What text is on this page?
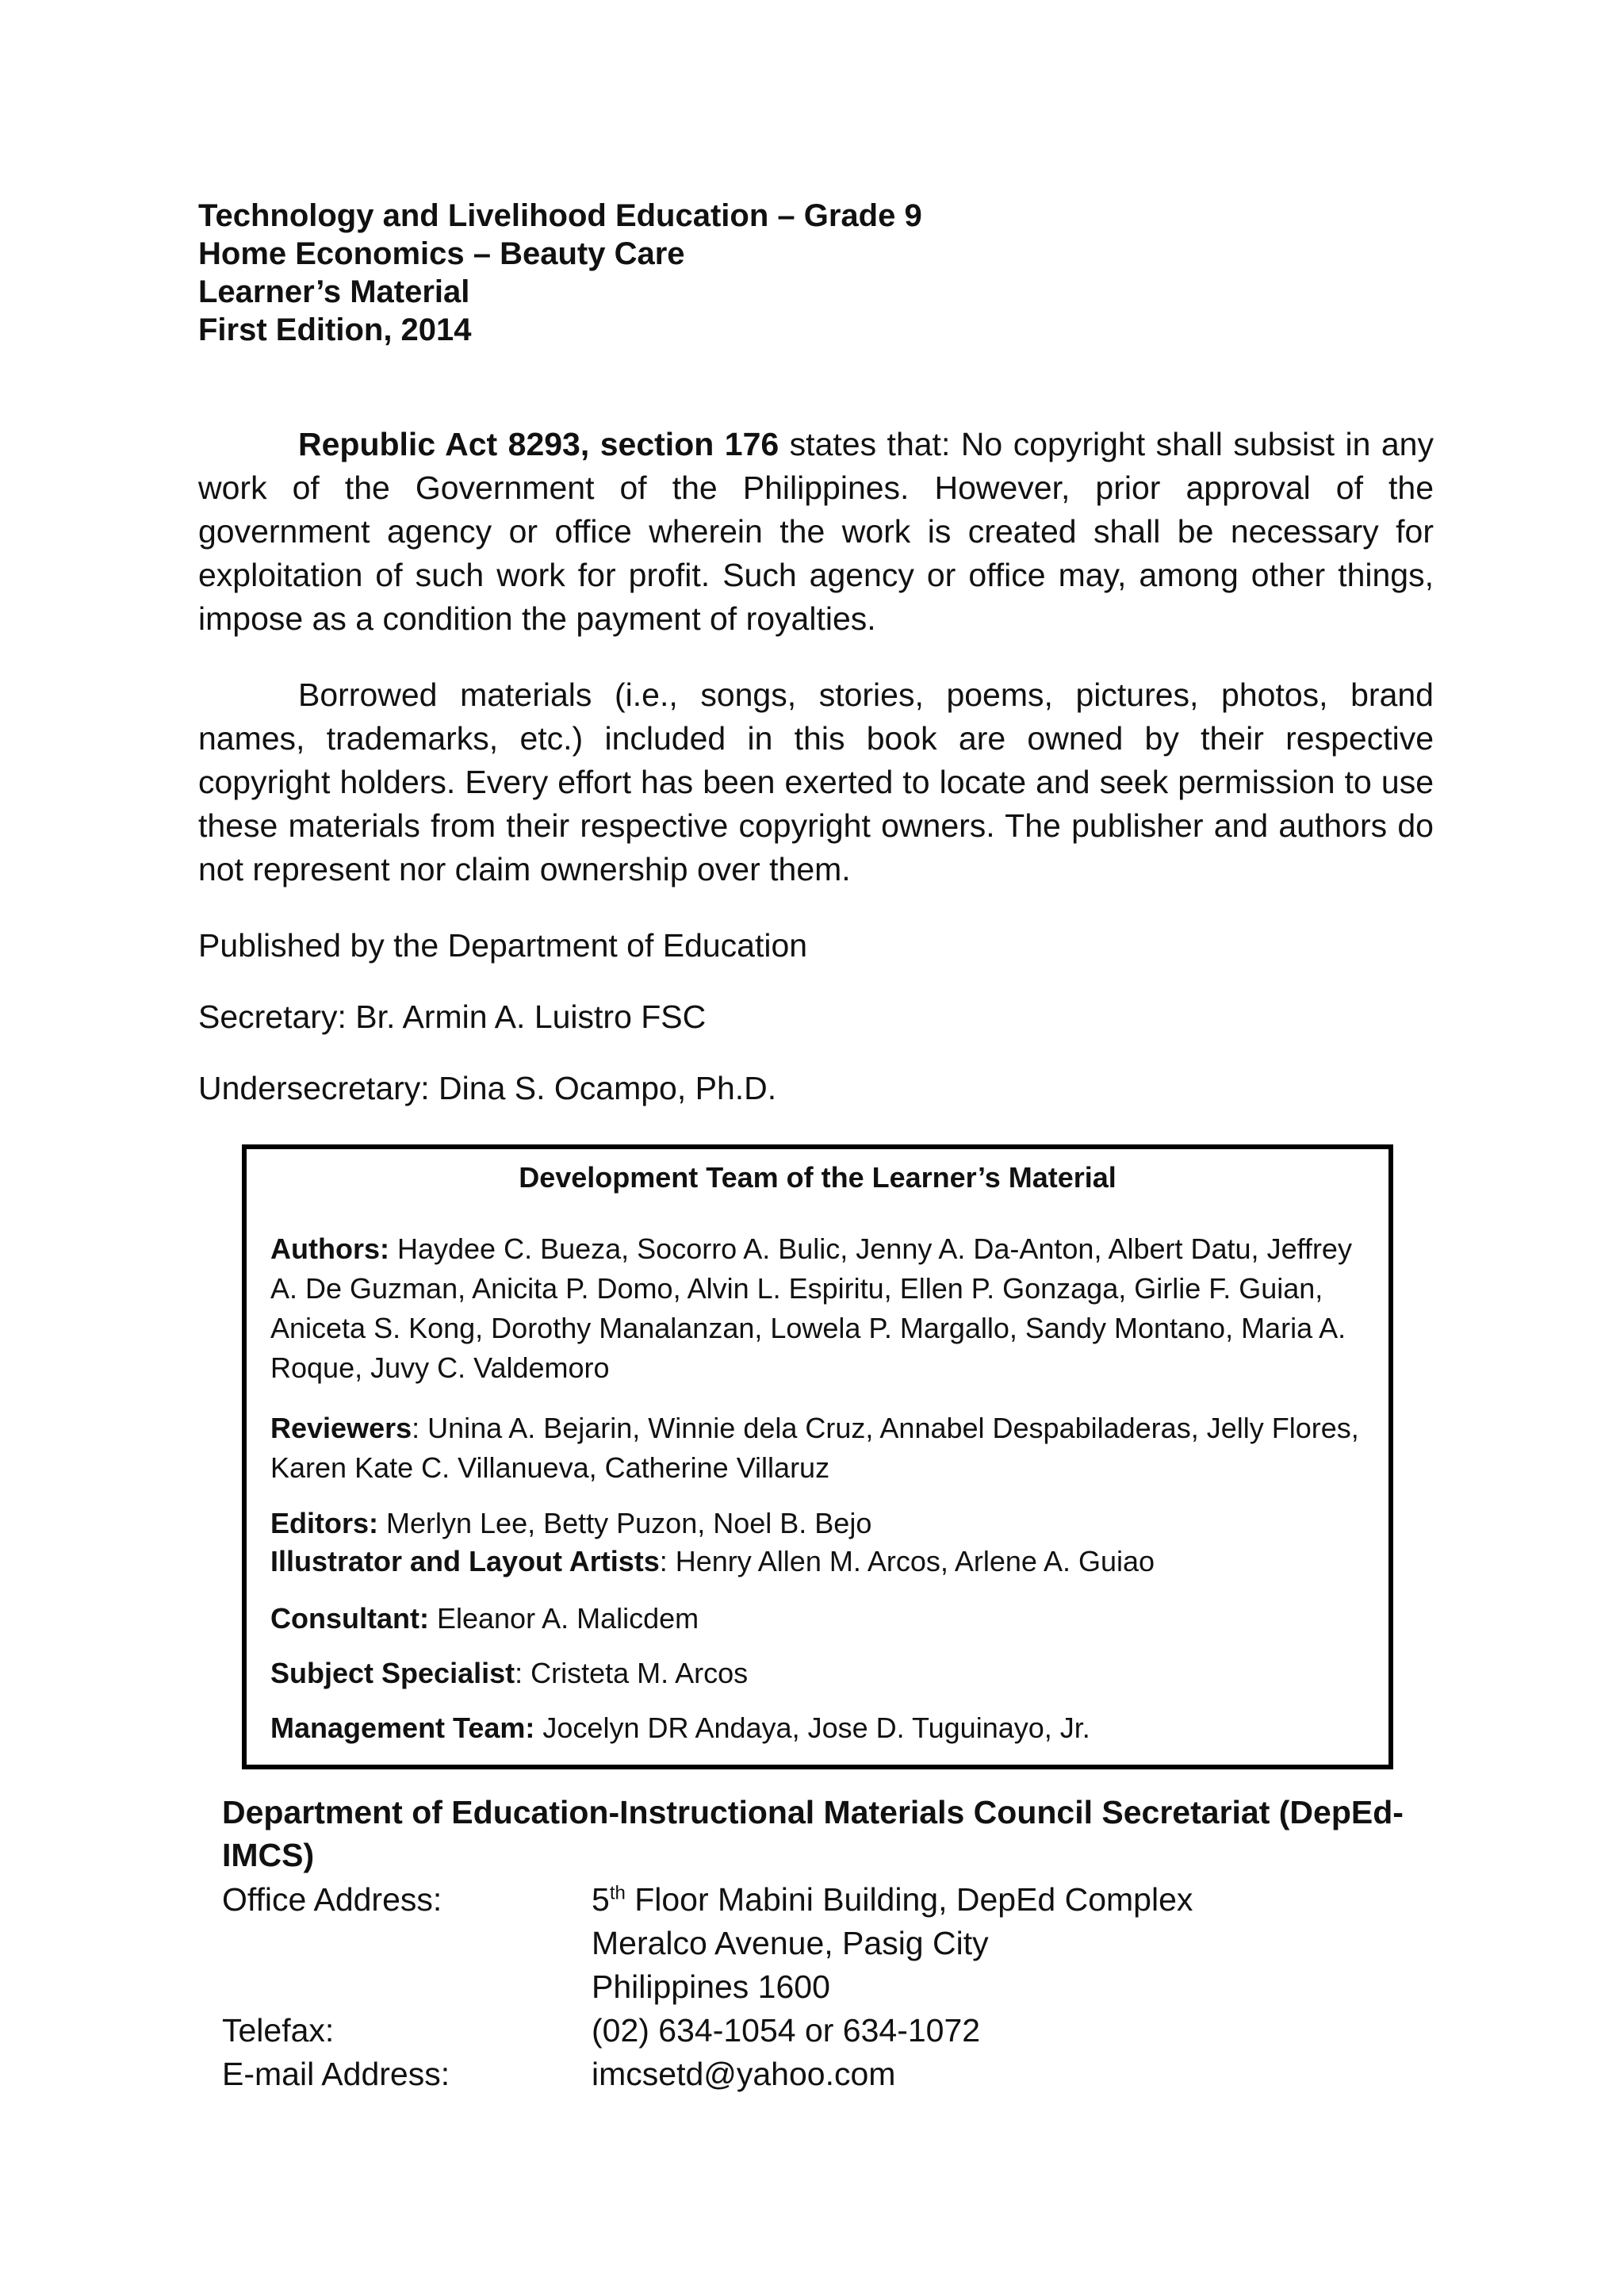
Technology and Livelihood Education – Grade 9
Home Economics – Beauty Care
Learner’s Material
First Edition, 2014
Republic Act 8293, section 176 states that: No copyright shall subsist in any work of the Government of the Philippines. However, prior approval of the government agency or office wherein the work is created shall be necessary for exploitation of such work for profit. Such agency or office may, among other things, impose as a condition the payment of royalties.
Borrowed materials (i.e., songs, stories, poems, pictures, photos, brand names, trademarks, etc.) included in this book are owned by their respective copyright holders. Every effort has been exerted to locate and seek permission to use these materials from their respective copyright owners. The publisher and authors do not represent nor claim ownership over them.
Published by the Department of Education
Secretary: Br. Armin A. Luistro FSC
Undersecretary: Dina S. Ocampo, Ph.D.
Development Team of the Learner’s Material
Authors: Haydee C. Bueza, Socorro A. Bulic, Jenny A. Da-Anton, Albert Datu, Jeffrey A. De Guzman, Anicita P. Domo, Alvin L. Espiritu, Ellen P. Gonzaga, Girlie F. Guian, Aniceta S. Kong, Dorothy Manalanzan, Lowela P. Margallo, Sandy Montano, Maria A. Roque, Juvy C. Valdemoro
Reviewers: Unina A. Bejarin, Winnie dela Cruz, Annabel Despabiladeras, Jelly Flores, Karen Kate C. Villanueva, Catherine Villaruz
Editors: Merlyn Lee, Betty Puzon, Noel B. Bejo
Illustrator and Layout Artists: Henry Allen M. Arcos, Arlene A. Guiao
Consultant: Eleanor A. Malicdem
Subject Specialist: Cristeta M. Arcos
Management Team: Jocelyn DR Andaya, Jose D. Tuguinayo, Jr.
Department of Education-Instructional Materials Council Secretariat (DepEd-IMCS)
Office Address:	5th Floor Mabini Building, DepEd Complex
Meralco Avenue, Pasig City
Philippines 1600
Telefax:	(02) 634-1054 or 634-1072
E-mail Address:	imcsetd@yahoo.com
